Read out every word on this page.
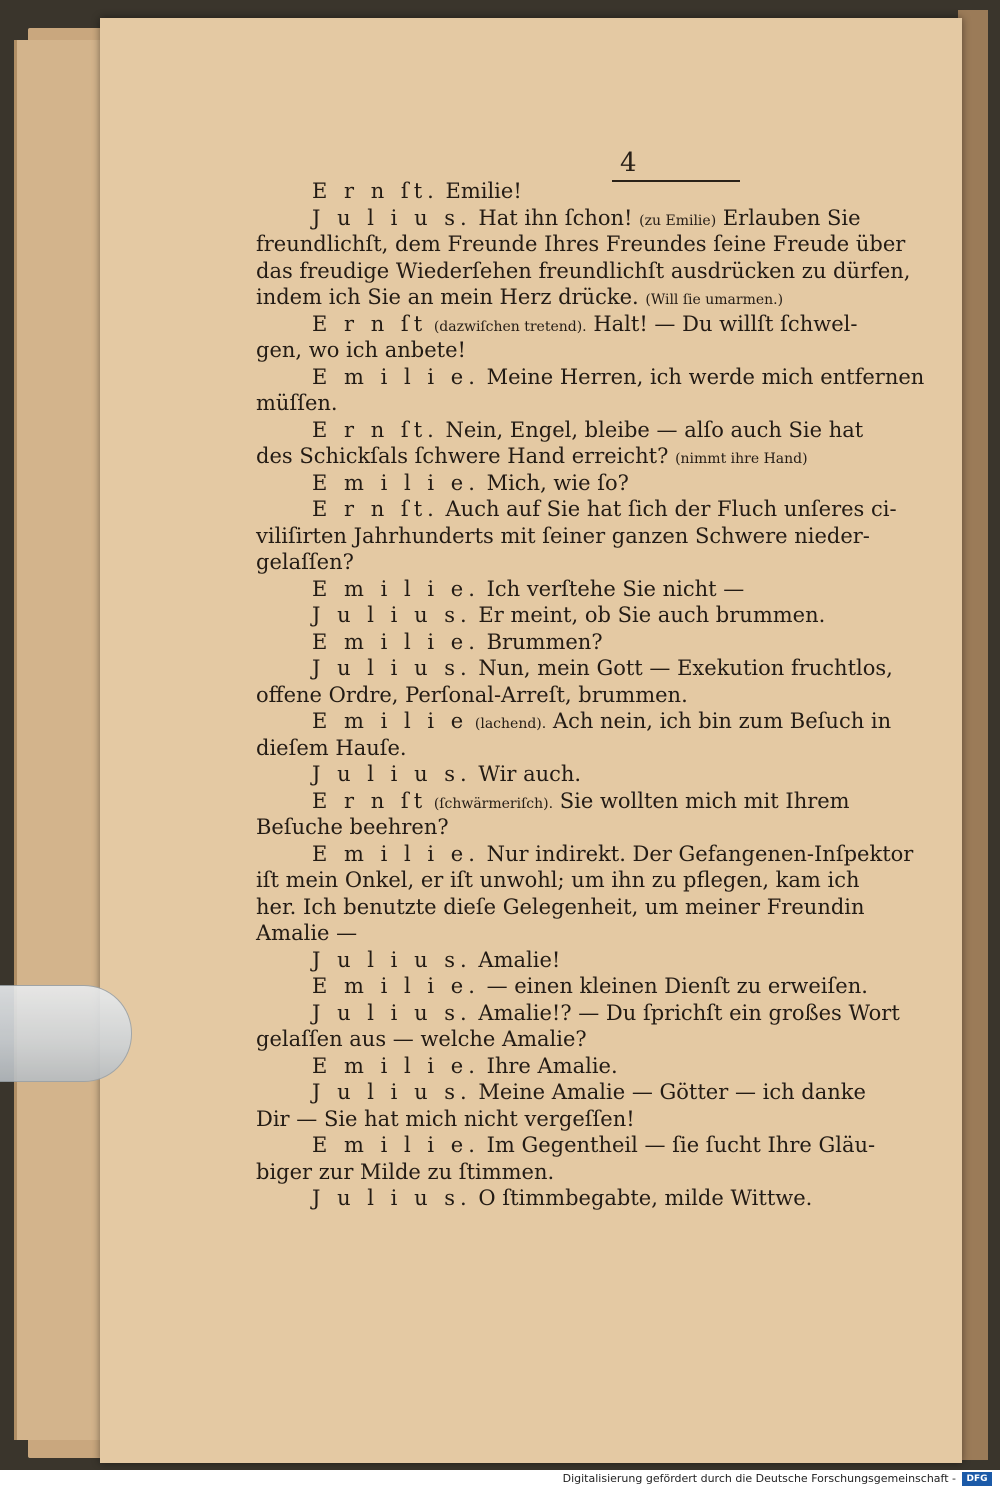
4
E r n ſt. Emilie!
J u l i u s. Hat ihn ſchon! (zu Emilie) Erlauben Sie
freundlichſt, dem Freunde Ihres Freundes ſeine Freude über
das freudige Wiederſehen freundlichſt ausdrücken zu dürfen,
indem ich Sie an mein Herz drücke. (Will ſie umarmen.)
E r n ſt (dazwiſchen tretend). Halt! — Du willſt ſchwel-
gen, wo ich anbete!
E m i l i e. Meine Herren, ich werde mich entfernen
müſſen.
E r n ſt. Nein, Engel, bleibe — alſo auch Sie hat
des Schickſals ſchwere Hand erreicht? (nimmt ihre Hand)
E m i l i e. Mich, wie ſo?
E r n ſt. Auch auf Sie hat ſich der Fluch unſeres ci-
viliſirten Jahrhunderts mit ſeiner ganzen Schwere nieder-
gelaſſen?
E m i l i e. Ich verſtehe Sie nicht —
J u l i u s. Er meint, ob Sie auch brummen.
E m i l i e. Brummen?
J u l i u s. Nun, mein Gott — Exekution fruchtlos,
offene Ordre, Perſonal-Arreſt, brummen.
E m i l i e (lachend). Ach nein, ich bin zum Beſuch in
dieſem Hauſe.
J u l i u s. Wir auch.
E r n ſt (ſchwärmeriſch). Sie wollten mich mit Ihrem
Beſuche beehren?
E m i l i e. Nur indirekt. Der Gefangenen-Inſpektor
iſt mein Onkel, er iſt unwohl; um ihn zu pflegen, kam ich
her. Ich benutzte dieſe Gelegenheit, um meiner Freundin
Amalie —
J u l i u s. Amalie!
E m i l i e. — einen kleinen Dienſt zu erweiſen.
J u l i u s. Amalie!? — Du ſprichſt ein großes Wort
gelaſſen aus — welche Amalie?
E m i l i e. Ihre Amalie.
J u l i u s. Meine Amalie — Götter — ich danke
Dir — Sie hat mich nicht vergeſſen!
E m i l i e. Im Gegentheil — ſie ſucht Ihre Gläu-
biger zur Milde zu ſtimmen.
J u l i u s. O ſtimmbegabte, milde Wittwe.
Digitalisierung gefördert durch die Deutsche Forschungsgemeinschaft -	DFG
